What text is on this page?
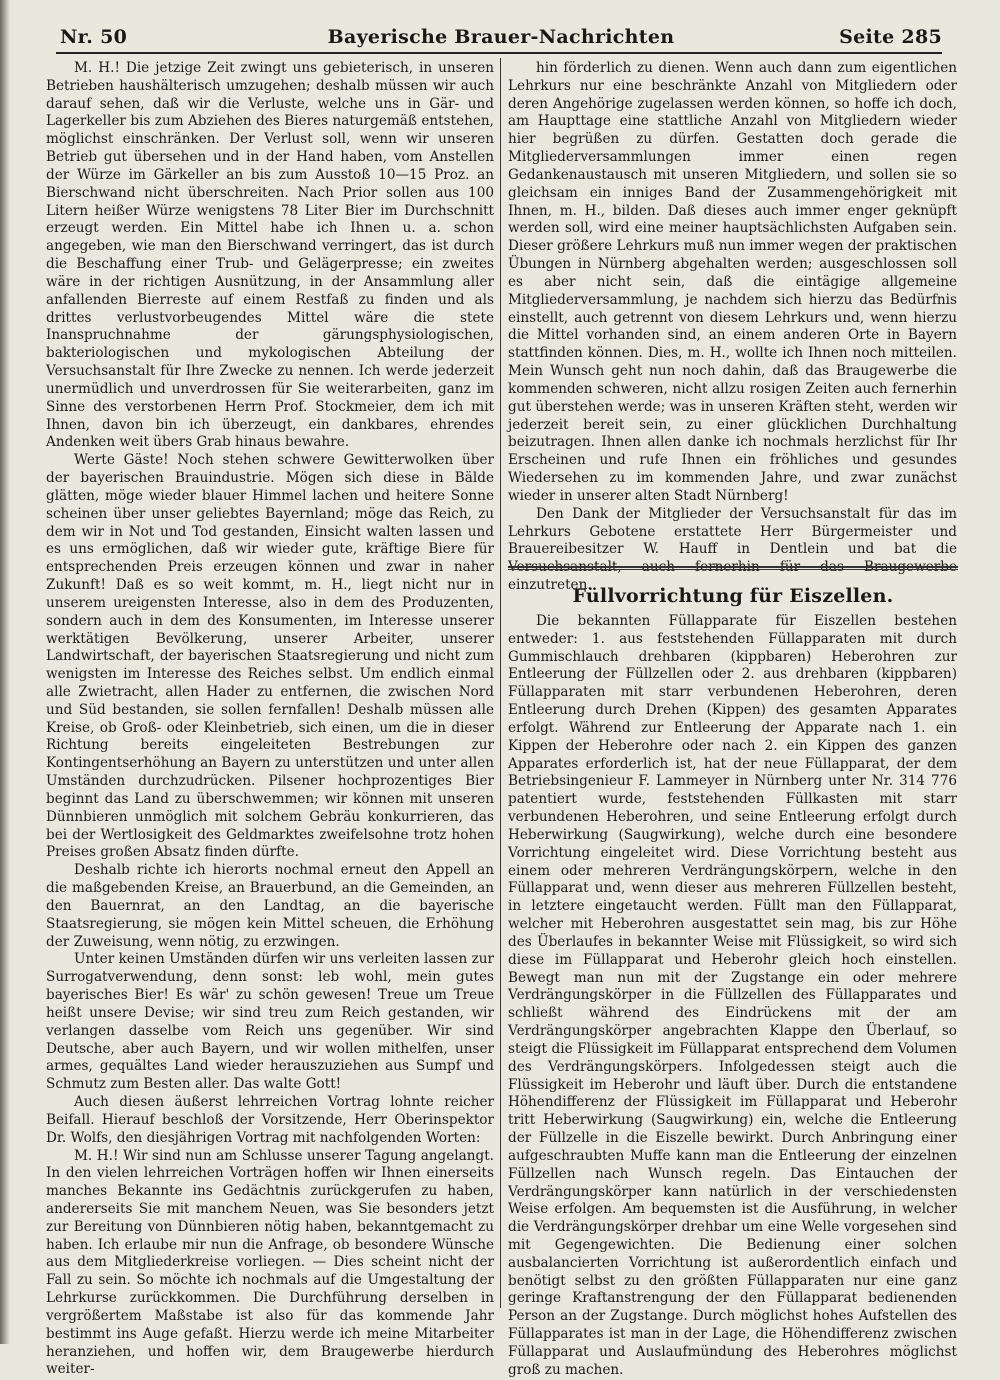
Nr. 50	Bayerische Brauer-Nachrichten	Seite 285

M. H.! Die jetzige Zeit zwingt uns gebieterisch, in unseren Betrieben haushälterisch umzugehen; deshalb müssen wir auch darauf sehen, daß wir die Verluste, welche uns in Gär- und Lagerkeller bis zum Abziehen des Bieres naturgemäß entstehen, möglichst einschränken. Der Verlust soll, wenn wir unseren Betrieb gut übersehen und in der Hand haben, vom Anstellen der Würze im Gärkeller an bis zum Ausstoß 10—15 Proz. an Bierschwand nicht überschreiten. Nach Prior sollen aus 100 Litern heißer Würze wenigstens 78 Liter Bier im Durchschnitt erzeugt werden. Ein Mittel habe ich Ihnen u. a. schon angegeben, wie man den Bierschwand verringert, das ist durch die Beschaffung einer Trub- und Gelägerpresse; ein zweites wäre in der richtigen Ausnützung, in der Ansammlung aller anfallenden Bierreste auf einem Restfaß zu finden und als drittes verlustvorbeugendes Mittel wäre die stete Inanspruchnahme der gärungsphysiologischen, bakteriologischen und mykologischen Abteilung der Versuchsanstalt für Ihre Zwecke zu nennen. Ich werde jederzeit unermüdlich und unverdrossen für Sie weiterarbeiten, ganz im Sinne des verstorbenen Herrn Prof. Stockmeier, dem ich mit Ihnen, davon bin ich überzeugt, ein dankbares, ehrendes Andenken weit übers Grab hinaus bewahre.

Werte Gäste! Noch stehen schwere Gewitterwolken über der bayerischen Brauindustrie. Mögen sich diese in Bälde glätten, möge wieder blauer Himmel lachen und heitere Sonne scheinen über unser geliebtes Bayernland; möge das Reich, zu dem wir in Not und Tod gestanden, Einsicht walten lassen und es uns ermöglichen, daß wir wieder gute, kräftige Biere für entsprechenden Preis erzeugen können und zwar in naher Zukunft! Daß es so weit kommt, m. H., liegt nicht nur in unserem ureigensten Interesse, also in dem des Produzenten, sondern auch in dem des Konsumenten, im Interesse unserer werktätigen Bevölkerung, unserer Arbeiter, unserer Landwirtschaft, der bayerischen Staatsregierung und nicht zum wenigsten im Interesse des Reiches selbst. Um endlich einmal alle Zwietracht, allen Hader zu entfernen, die zwischen Nord und Süd bestanden, sie sollen fernfallen! Deshalb müssen alle Kreise, ob Groß- oder Kleinbetrieb, sich einen, um die in dieser Richtung bereits eingeleiteten Bestrebungen zur Kontingentserhöhung an Bayern zu unterstützen und unter allen Umständen durchzudrücken. Pilsener hochprozentiges Bier beginnt das Land zu überschwemmen; wir können mit unseren Dünnbieren unmöglich mit solchem Gebräu konkurrieren, das bei der Wertlosigkeit des Geldmarktes zweifelsohne trotz hohen Preises großen Absatz finden dürfte.

Deshalb richte ich hierorts nochmal erneut den Appell an die maßgebenden Kreise, an Brauerbund, an die Gemeinden, an den Bauernrat, an den Landtag, an die bayerische Staatsregierung, sie mögen kein Mittel scheuen, die Erhöhung der Zuweisung, wenn nötig, zu erzwingen.

Unter keinen Umständen dürfen wir uns verleiten lassen zur Surrogatverwendung, denn sonst: leb wohl, mein gutes bayerisches Bier! Es wär' zu schön gewesen! Treue um Treue heißt unsere Devise; wir sind treu zum Reich gestanden, wir verlangen dasselbe vom Reich uns gegenüber. Wir sind Deutsche, aber auch Bayern, und wir wollen mithelfen, unser armes, gequältes Land wieder herauszuziehen aus Sumpf und Schmutz zum Besten aller. Das walte Gott!

Auch diesen äußerst lehrreichen Vortrag lohnte reicher Beifall. Hierauf beschloß der Vorsitzende, Herr Oberinspektor Dr. Wolfs, den diesjährigen Vortrag mit nachfolgenden Worten:

M. H.! Wir sind nun am Schlusse unserer Tagung angelangt. In den vielen lehrreichen Vorträgen hoffen wir Ihnen einerseits manches Bekannte ins Gedächtnis zurückgerufen zu haben, andererseits Sie mit manchem Neuen, was Sie besonders jetzt zur Bereitung von Dünnbieren nötig haben, bekanntgemacht zu haben. Ich erlaube mir nun die Anfrage, ob besondere Wünsche aus dem Mitgliederkreise vorliegen. — Dies scheint nicht der Fall zu sein. So möchte ich nochmals auf die Umgestaltung der Lehrkurse zurückkommen. Die Durchführung derselben in vergrößertem Maßstabe ist also für das kommende Jahr bestimmt ins Auge gefaßt. Hierzu werde ich meine Mitarbeiter heranziehen, und hoffen wir, dem Braugewerbe hierdurch weiter-

hin förderlich zu dienen. Wenn auch dann zum eigentlichen Lehrkurs nur eine beschränkte Anzahl von Mitgliedern oder deren Angehörige zugelassen werden können, so hoffe ich doch, am Haupttage eine stattliche Anzahl von Mitgliedern wieder hier begrüßen zu dürfen. Gestatten doch gerade die Mitgliederversammlungen immer einen regen Gedankenaustausch mit unseren Mitgliedern, und sollen sie so gleichsam ein inniges Band der Zusammengehörigkeit mit Ihnen, m. H., bilden. Daß dieses auch immer enger geknüpft werden soll, wird eine meiner hauptsächlichsten Aufgaben sein. Dieser größere Lehrkurs muß nun immer wegen der praktischen Übungen in Nürnberg abgehalten werden; ausgeschlossen soll es aber nicht sein, daß die eintägige allgemeine Mitgliederversammlung, je nachdem sich hierzu das Bedürfnis einstellt, auch getrennt von diesem Lehrkurs und, wenn hierzu die Mittel vorhanden sind, an einem anderen Orte in Bayern stattfinden können. Dies, m. H., wollte ich Ihnen noch mitteilen. Mein Wunsch geht nun noch dahin, daß das Braugewerbe die kommenden schweren, nicht allzu rosigen Zeiten auch fernerhin gut überstehen werde; was in unseren Kräften steht, werden wir jederzeit bereit sein, zu einer glücklichen Durchhaltung beizutragen. Ihnen allen danke ich nochmals herzlichst für Ihr Erscheinen und rufe Ihnen ein fröhliches und gesundes Wiedersehen zu im kommenden Jahre, und zwar zunächst wieder in unserer alten Stadt Nürnberg!

Den Dank der Mitglieder der Versuchsanstalt für das im Lehrkurs Gebotene erstattete Herr Bürgermeister und Brauereibesitzer W. Hauff in Dentlein und bat die Versuchsanstalt, auch fernerhin für das Braugewerbe einzutreten.

Füllvorrichtung für Eiszellen.

Die bekannten Füllapparate für Eiszellen bestehen entweder: 1. aus feststehenden Füllapparaten mit durch Gummischlauch drehbaren (kippbaren) Heberohren zur Entleerung der Füllzellen oder 2. aus drehbaren (kippbaren) Füllapparaten mit starr verbundenen Heberohren, deren Entleerung durch Drehen (Kippen) des gesamten Apparates erfolgt. Während zur Entleerung der Apparate nach 1. ein Kippen der Heberohre oder nach 2. ein Kippen des ganzen Apparates erforderlich ist, hat der neue Füllapparat, der dem Betriebsingenieur F. Lammeyer in Nürnberg unter Nr. 314 776 patentiert wurde, feststehenden Füllkasten mit starr verbundenen Heberohren, und seine Entleerung erfolgt durch Heberwirkung (Saugwirkung), welche durch eine besondere Vorrichtung eingeleitet wird. Diese Vorrichtung besteht aus einem oder mehreren Verdrängungskörpern, welche in den Füllapparat und, wenn dieser aus mehreren Füllzellen besteht, in letztere eingetaucht werden. Füllt man den Füllapparat, welcher mit Heberohren ausgestattet sein mag, bis zur Höhe des Überlaufes in bekannter Weise mit Flüssigkeit, so wird sich diese im Füllapparat und Heberohr gleich hoch einstellen. Bewegt man nun mit der Zugstange ein oder mehrere Verdrängungskörper in die Füllzellen des Füllapparates und schließt während des Eindrückens mit der am Verdrängungskörper angebrachten Klappe den Überlauf, so steigt die Flüssigkeit im Füllapparat entsprechend dem Volumen des Verdrängungskörpers. Infolgedessen steigt auch die Flüssigkeit im Heberohr und läuft über. Durch die entstandene Höhendifferenz der Flüssigkeit im Füllapparat und Heberohr tritt Heberwirkung (Saugwirkung) ein, welche die Entleerung der Füllzelle in die Eiszelle bewirkt. Durch Anbringung einer aufgeschraubten Muffe kann man die Entleerung der einzelnen Füllzellen nach Wunsch regeln. Das Eintauchen der Verdrängungskörper kann natürlich in der verschiedensten Weise erfolgen. Am bequemsten ist die Ausführung, in welcher die Verdrängungskörper drehbar um eine Welle vorgesehen sind mit Gegengewichten. Die Bedienung einer solchen ausbalancierten Vorrichtung ist außerordentlich einfach und benötigt selbst zu den größten Füllapparaten nur eine ganz geringe Kraftanstrengung der den Füllapparat bedienenden Person an der Zugstange. Durch möglichst hohes Aufstellen des Füllapparates ist man in der Lage, die Höhendifferenz zwischen Füllapparat und Auslaufmündung des Heberohres möglichst groß zu machen.
